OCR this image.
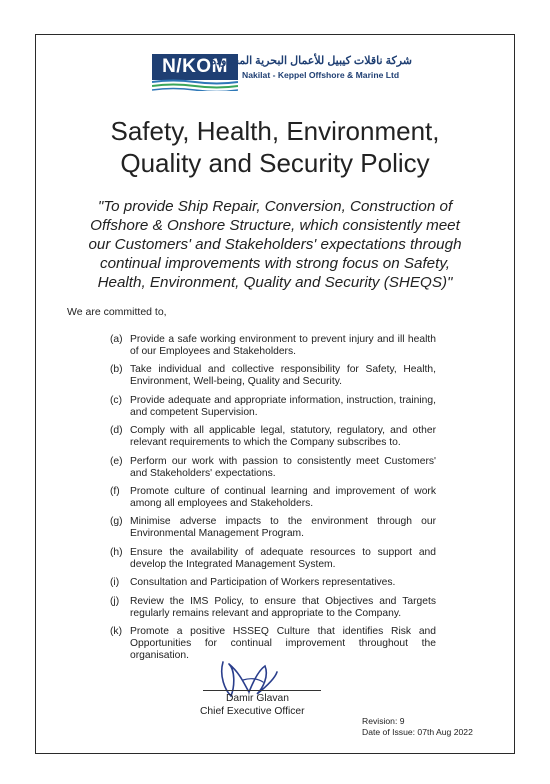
N/KOM
شركة ناقلات كيبيل للأعمال البحرية المحدودة
Nakilat - Keppel Offshore & Marine Ltd
Safety, Health, Environment,
Quality and Security Policy
"To provide Ship Repair, Conversion, Construction of
Offshore & Onshore Structure, which consistently meet
our Customers' and Stakeholders' expectations through
continual improvements with strong focus on Safety,
Health, Environment, Quality and Security (SHEQS)"
We are committed to,
(a) Provide a safe working environment to prevent injury and ill health of our Employees and Stakeholders.
(b) Take individual and collective responsibility for Safety, Health, Environment, Well-being, Quality and Security.
(c) Provide adequate and appropriate information, instruction, training, and competent Supervision.
(d) Comply with all applicable legal, statutory, regulatory, and other relevant requirements to which the Company subscribes to.
(e) Perform our work with passion to consistently meet Customers' and Stakeholders' expectations.
(f) Promote culture of continual learning and improvement of work among all employees and Stakeholders.
(g) Minimise adverse impacts to the environment through our Environmental Management Program.
(h) Ensure the availability of adequate resources to support and develop the Integrated Management System.
(i)	Consultation and Participation of Workers representatives.
(j)	Review the IMS Policy, to ensure that Objectives and Targets regularly remains relevant and appropriate to the Company.
(k) Promote a positive HSSEQ Culture that identifies Risk and Opportunities for continual improvement throughout the organisation.
Damir Glavan
Chief Executive Officer
Revision: 9
Date of Issue: 07th Aug 2022
